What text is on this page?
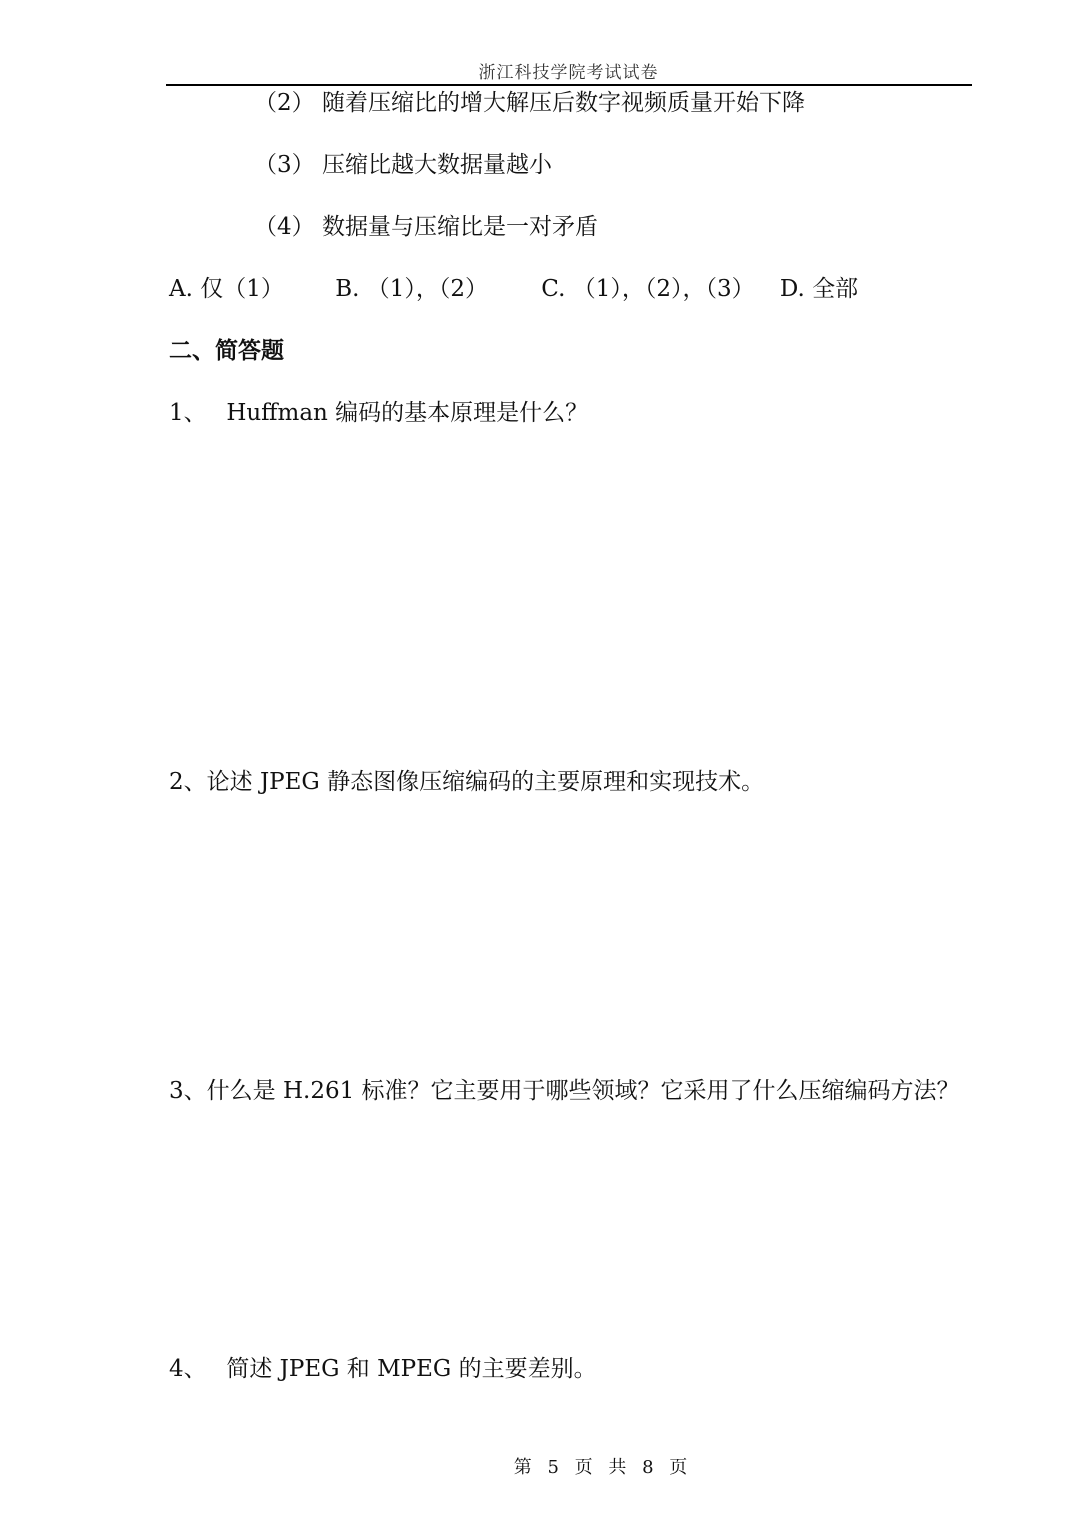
浙江科技学院考试试卷
（2） 随着压缩比的增大解压后数字视频质量开始下降
（3） 压缩比越大数据量越小
（4） 数据量与压缩比是一对矛盾
A. 仅（1） B. （1），（2） C. （1），（2），（3） D. 全部
二、简答题
1、 Huffman 编码的基本原理是什么？
2、论述 JPEG 静态图像压缩编码的主要原理和实现技术。
3、什么是 H.261 标准？它主要用于哪些领域？它采用了什么压缩编码方法？
4、 简述 JPEG 和 MPEG 的主要差别。
第 5 页 共 8 页
